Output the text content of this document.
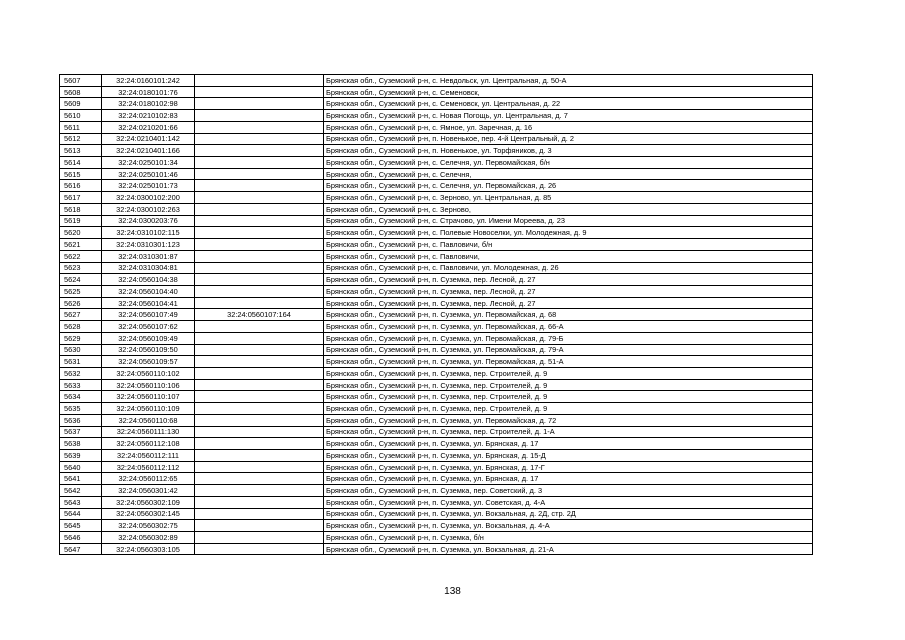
5607	32:24:0160101:242		Брянская обл., Суземский р-н, с. Невдольск, ул. Центральная, д. 50-А
5608	32:24:0180101:76		Брянская обл., Суземский р-н, с. Семеновск,
5609	32:24:0180102:98		Брянская обл., Суземский р-н, с. Семеновск, ул. Центральная, д. 22
5610	32:24:0210102:83		Брянская обл., Суземский р-н, с. Новая Погощь, ул. Центральная, д. 7
5611	32:24:0210201:66		Брянская обл., Суземский р-н, с. Ямное, ул. Заречная, д. 16
5612	32:24:0210401:142		Брянская обл., Суземский р-н, п. Новенькое, пер. 4-й Центральный, д. 2
5613	32:24:0210401:166		Брянская обл., Суземский р-н, п. Новенькое, ул. Торфяников, д. 3
5614	32:24:0250101:34		Брянская обл., Суземский р-н, с. Селечня, ул. Первомайская, б/н
5615	32:24:0250101:46		Брянская обл., Суземский р-н, с. Селечня,
5616	32:24:0250101:73		Брянская обл., Суземский р-н, с. Селечня, ул. Первомайская, д. 26
5617	32:24:0300102:200		Брянская обл., Суземский р-н, с. Зерново, ул. Центральная, д. 85
5618	32:24:0300102:263		Брянская обл., Суземский р-н, с. Зерново,
5619	32:24:0300203:76		Брянская обл., Суземский р-н, с. Страчово, ул. Имени Мореева, д. 23
5620	32:24:0310102:115		Брянская обл., Суземский р-н, с. Полевые Новоселки, ул. Молодежная, д. 9
5621	32:24:0310301:123		Брянская обл., Суземский р-н, с. Павловичи, б/н
5622	32:24:0310301:87		Брянская обл., Суземский р-н, с. Павловичи,
5623	32:24:0310304:81		Брянская обл., Суземский р-н, с. Павловичи, ул. Молодежная, д. 26
5624	32:24:0560104:38		Брянская обл., Суземский р-н, п. Суземка, пер. Лесной, д. 27
5625	32:24:0560104:40		Брянская обл., Суземский р-н, п. Суземка, пер. Лесной, д. 27
5626	32:24:0560104:41		Брянская обл., Суземский р-н, п. Суземка, пер. Лесной, д. 27
5627	32:24:0560107:49	32:24:0560107:164	Брянская обл., Суземский р-н, п. Суземка, ул. Первомайская, д. 68
5628	32:24:0560107:62		Брянская обл., Суземский р-н, п. Суземка, ул. Первомайская, д. 66-А
5629	32:24:0560109:49		Брянская обл., Суземский р-н, п. Суземка, ул. Первомайская, д. 79-Б
5630	32:24:0560109:50		Брянская обл., Суземский р-н, п. Суземка, ул. Первомайская, д. 79-А
5631	32:24:0560109:57		Брянская обл., Суземский р-н, п. Суземка, ул. Первомайская, д. 51-А
5632	32:24:0560110:102		Брянская обл., Суземский р-н, п. Суземка, пер. Строителей, д. 9
5633	32:24:0560110:106		Брянская обл., Суземский р-н, п. Суземка, пер. Строителей, д. 9
5634	32:24:0560110:107		Брянская обл., Суземский р-н, п. Суземка, пер. Строителей, д. 9
5635	32:24:0560110:109		Брянская обл., Суземский р-н, п. Суземка, пер. Строителей, д. 9
5636	32:24:0560110:68		Брянская обл., Суземский р-н, п. Суземка, ул. Первомайская, д. 72
5637	32:24:0560111:130		Брянская обл., Суземский р-н, п. Суземка, пер. Строителей, д. 1-А
5638	32:24:0560112:108		Брянская обл., Суземский р-н, п. Суземка, ул. Брянская, д. 17
5639	32:24:0560112:111		Брянская обл., Суземский р-н, п. Суземка, ул. Брянская, д. 15-Д
5640	32:24:0560112:112		Брянская обл., Суземский р-н, п. Суземка, ул. Брянская, д. 17-Г
5641	32:24:0560112:65		Брянская обл., Суземский р-н, п. Суземка, ул. Брянская, д. 17
5642	32:24:0560301:42		Брянская обл., Суземский р-н, п. Суземка, пер. Советский, д. 3
5643	32:24:0560302:109		Брянская обл., Суземский р-н, п. Суземка, ул. Советская, д. 4-А
5644	32:24:0560302:145		Брянская обл., Суземский р-н, п. Суземка, ул. Вокзальная, д. 2Д, стр. 2Д
5645	32:24:0560302:75		Брянская обл., Суземский р-н, п. Суземка, ул. Вокзальная, д. 4-А
5646	32:24:0560302:89		Брянская обл., Суземский р-н, п. Суземка, б/н
5647	32:24:0560303:105		Брянская обл., Суземский р-н, п. Суземка, ул. Вокзальная, д. 21-А
138
